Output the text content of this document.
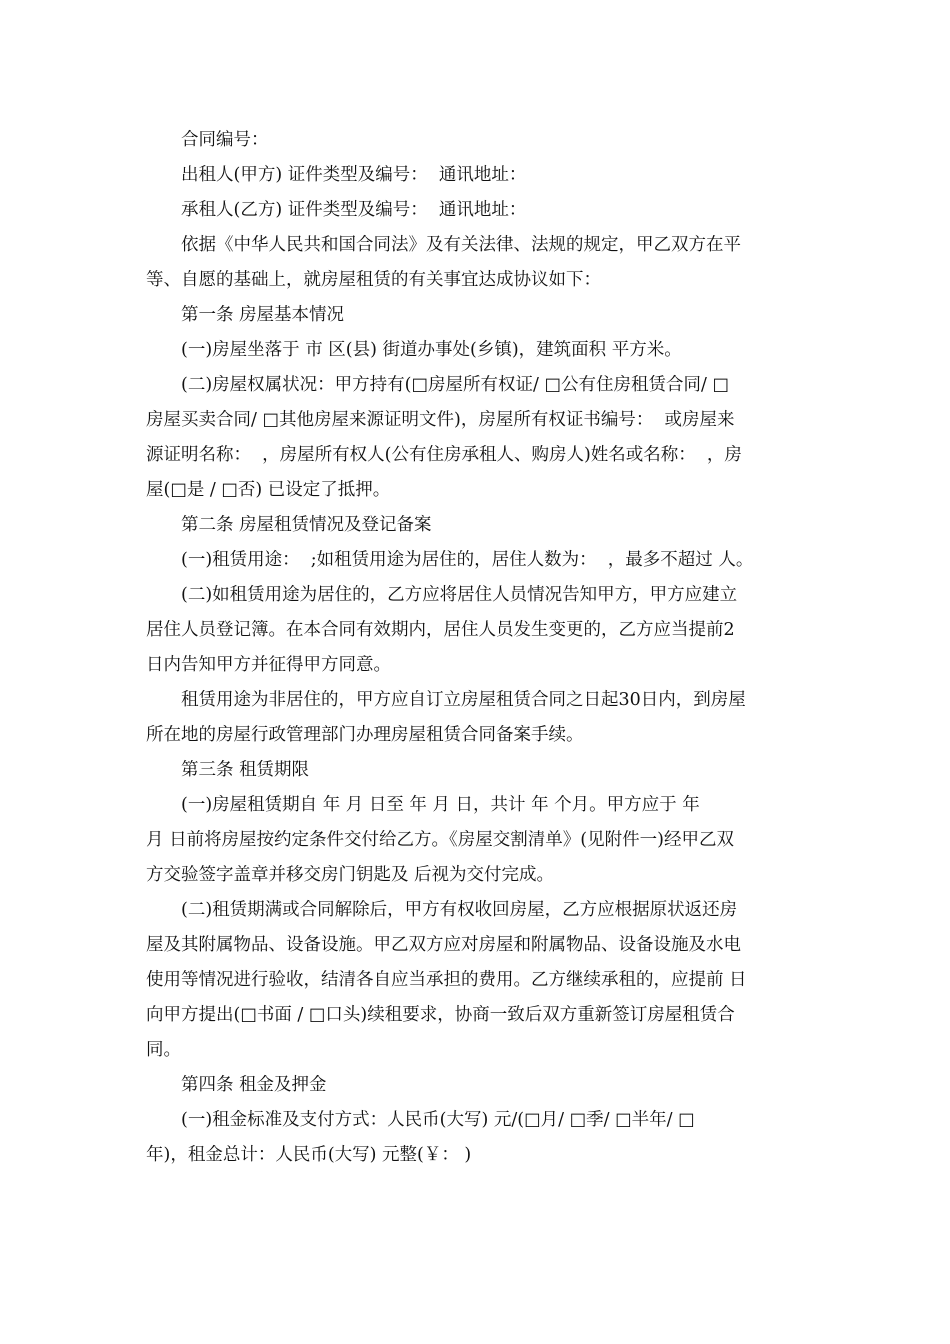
合同编号：
出租人(甲方) 证件类型及编号：  通讯地址：
承租人(乙方) 证件类型及编号：  通讯地址：
依据《中华人民共和国合同法》及有关法律、法规的规定，甲乙双方在平
等、自愿的基础上，就房屋租赁的有关事宜达成协议如下：
第一条 房屋基本情况
(一)房屋坐落于 市 区(县) 街道办事处(乡镇)，建筑面积 平方米。
(二)房屋权属状况：甲方持有(□房屋所有权证/ □公有住房租赁合同/ □
房屋买卖合同/ □其他房屋来源证明文件)，房屋所有权证书编号：  或房屋来
源证明名称：  ，房屋所有权人(公有住房承租人、购房人)姓名或名称：  ，房
屋(□是 / □否) 已设定了抵押。
第二条 房屋租赁情况及登记备案
(一)租赁用途：  ;如租赁用途为居住的，居住人数为：  ，最多不超过 人。
(二)如租赁用途为居住的，乙方应将居住人员情况告知甲方，甲方应建立
居住人员登记簿。在本合同有效期内，居住人员发生变更的，乙方应当提前2
日内告知甲方并征得甲方同意。
租赁用途为非居住的，甲方应自订立房屋租赁合同之日起30日内，到房屋
所在地的房屋行政管理部门办理房屋租赁合同备案手续。
第三条 租赁期限
(一)房屋租赁期自 年 月 日至 年 月 日，共计 年 个月。甲方应于 年
月 日前将房屋按约定条件交付给乙方。《房屋交割清单》(见附件一)经甲乙双
方交验签字盖章并移交房门钥匙及 后视为交付完成。
(二)租赁期满或合同解除后，甲方有权收回房屋，乙方应根据原状返还房
屋及其附属物品、设备设施。甲乙双方应对房屋和附属物品、设备设施及水电
使用等情况进行验收，结清各自应当承担的费用。乙方继续承租的，应提前 日
向甲方提出(□书面 / □口头)续租要求，协商一致后双方重新签订房屋租赁合
同。
第四条 租金及押金
(一)租金标准及支付方式：人民币(大写) 元/(□月/ □季/ □半年/ □
年)，租金总计：人民币(大写) 元整(￥： )
